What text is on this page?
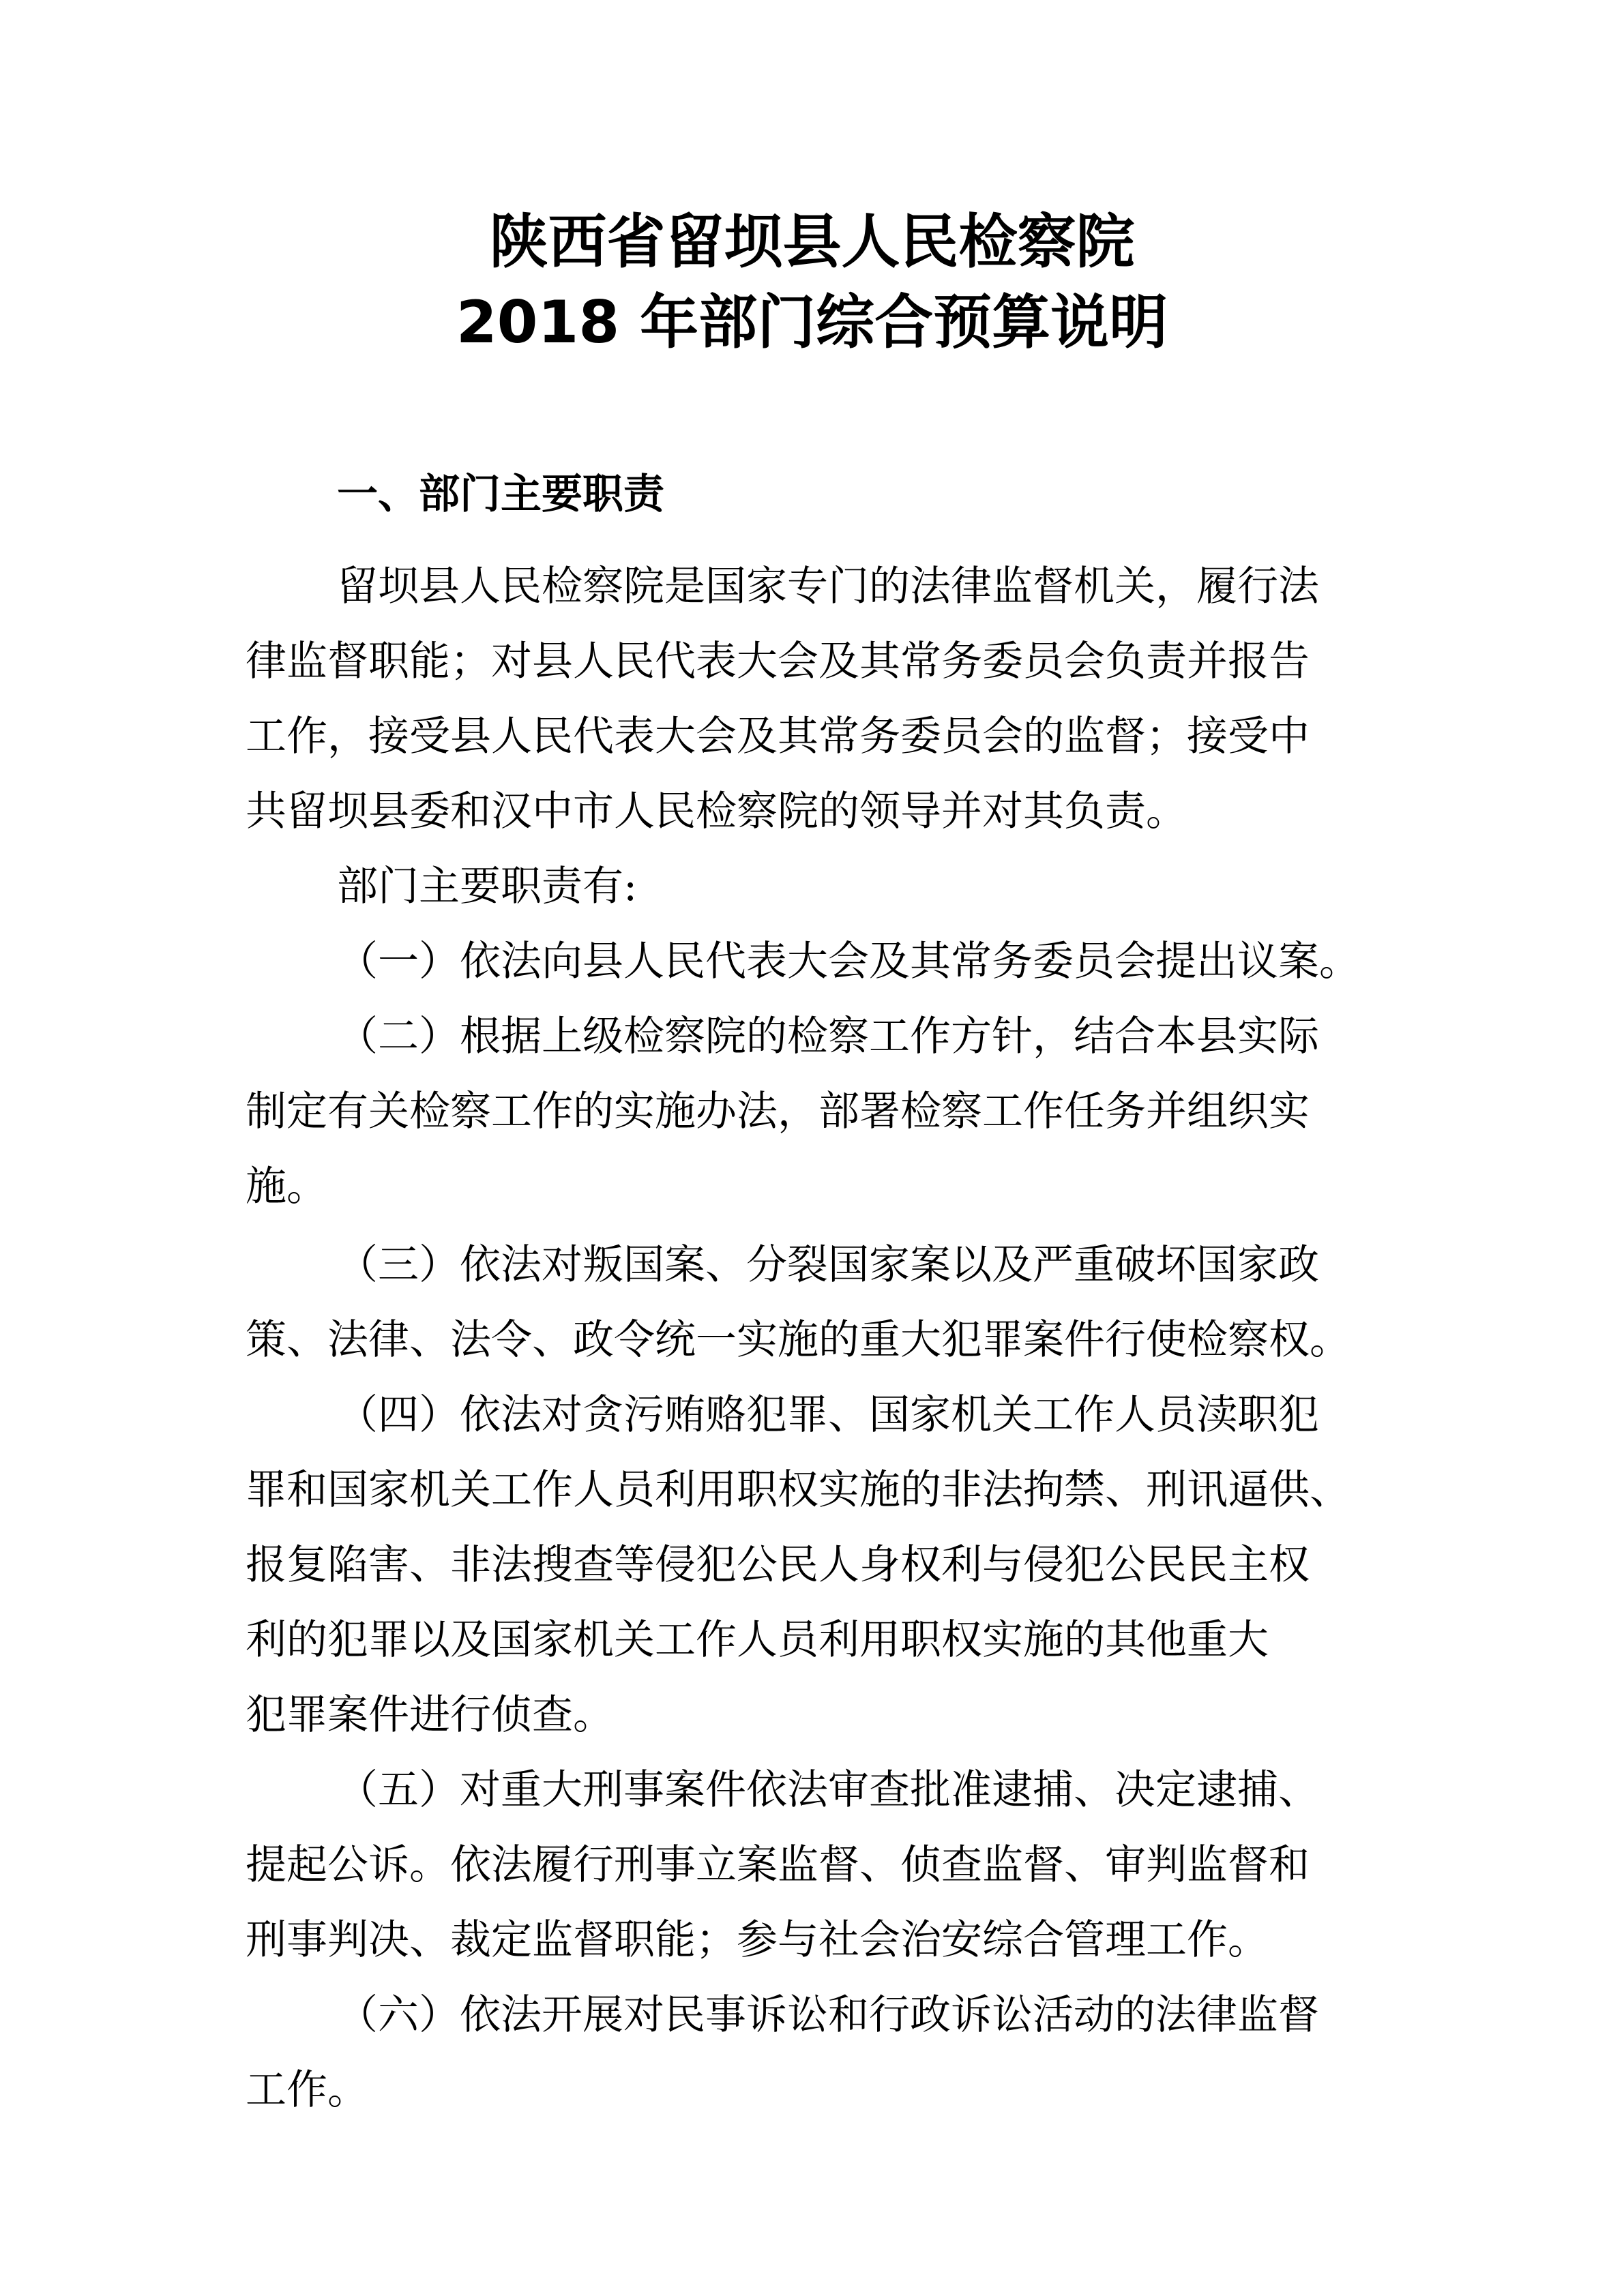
陕西省留坝县人民检察院
2018 年部门综合预算说明
一、部门主要职责
留坝县人民检察院是国家专门的法律监督机关，履行法
律监督职能；对县人民代表大会及其常务委员会负责并报告
工作，接受县人民代表大会及其常务委员会的监督；接受中
共留坝县委和汉中市人民检察院的领导并对其负责。
部门主要职责有:
（一）依法向县人民代表大会及其常务委员会提出议案。
（二）根据上级检察院的检察工作方针，结合本县实际
制定有关检察工作的实施办法，部署检察工作任务并组织实
施。
（三）依法对叛国案、分裂国家案以及严重破坏国家政
策、法律、法令、政令统一实施的重大犯罪案件行使检察权。
（四）依法对贪污贿赂犯罪、国家机关工作人员渎职犯
罪和国家机关工作人员利用职权实施的非法拘禁、刑讯逼供、
报复陷害、非法搜查等侵犯公民人身权利与侵犯公民民主权
利的犯罪以及国家机关工作人员利用职权实施的其他重大
犯罪案件进行侦查。
（五）对重大刑事案件依法审查批准逮捕、决定逮捕、
提起公诉。依法履行刑事立案监督、侦查监督、审判监督和
刑事判决、裁定监督职能；参与社会治安综合管理工作。
（六）依法开展对民事诉讼和行政诉讼活动的法律监督
工作。
